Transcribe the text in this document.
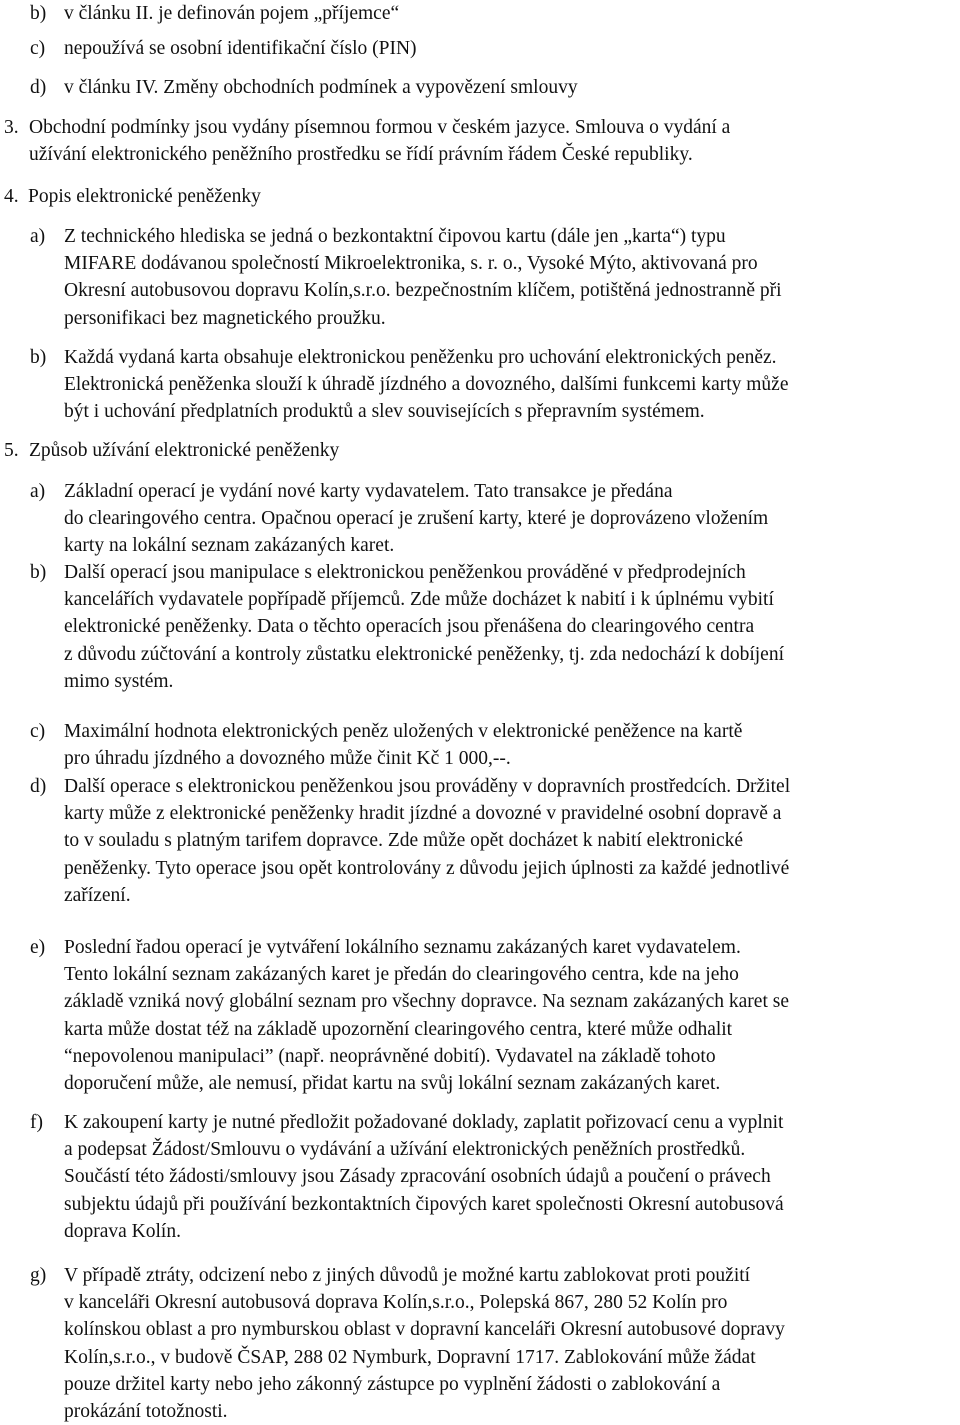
b) v článku II. je definován pojem „příjemce“
c) nepoužívá se osobní identifikační číslo (PIN)
d) v článku IV. Změny obchodních podmínek a vypovězení smlouvy
3. Obchodní podmínky jsou vydány písemnou formou v českém jazyce. Smlouva o vydání a
užívání elektronického peněžního prostředku se řídí právním řádem České republiky.
4. Popis elektronické peněženky
a) Z technického hlediska se jedná o bezkontaktní čipovou kartu (dále jen „karta“) typu
MIFARE dodávanou společností Mikroelektronika, s. r. o., Vysoké Mýto, aktivovaná pro
Okresní autobusovou dopravu Kolín,s.r.o. bezpečnostním klíčem, potištěná jednostranně při
personifikaci bez magnetického proužku.
b) Každá vydaná karta obsahuje elektronickou peněženku pro uchování elektronických peněz.
Elektronická peněženka slouží k úhradě jízdného a dovozného, dalšími funkcemi karty může
být i uchování předplatních produktů a slev souvisejících s přepravním systémem.
5. Způsob užívání elektronické peněženky
a) Základní operací je vydání nové karty vydavatelem. Tato transakce je předána
do clearingového centra. Opačnou operací je zrušení karty, které je doprovázeno vložením
karty na lokální seznam zakázaných karet.
b) Další operací jsou manipulace s elektronickou peněženkou prováděné v předprodejních
kancelářích vydavatele popřípadě příjemců. Zde může docházet k nabití i k úplnému vybití
elektronické peněženky. Data o těchto operacích jsou přenášena do clearingového centra
z důvodu zúčtování a kontroly zůstatku elektronické peněženky, tj. zda nedochází k dobíjení
mimo systém.
c) Maximální hodnota elektronických peněz uložených v elektronické peněžence na kartě
pro úhradu jízdného a dovozného může činit Kč 1 000,--.
d) Další operace s elektronickou peněženkou jsou prováděny v dopravních prostředcích. Držitel
karty může z elektronické peněženky hradit jízdné a dovozné v pravidelné osobní dopravě a
to v souladu s platným tarifem dopravce. Zde může opět docházet k nabití elektronické
peněženky. Tyto operace jsou opět kontrolovány z důvodu jejich úplnosti za každé jednotlivé
zařízení.
e) Poslední řadou operací je vytváření lokálního seznamu zakázaných karet vydavatelem.
Tento lokální seznam zakázaných karet je předán do clearingového centra, kde na jeho
základě vzniká nový globální seznam pro všechny dopravce. Na seznam zakázaných karet se
karta může dostat též na základě upozornění clearingového centra, které může odhalit
“nepovolenou manipulaci” (např. neoprávněné dobití). Vydavatel na základě tohoto
doporučení může, ale nemusí, přidat kartu na svůj lokální seznam zakázaných karet.
f) K zakoupení karty je nutné předložit požadované doklady, zaplatit pořizovací cenu a vyplnit
a podepsat Žádost/Smlouvu o vydávání a užívání elektronických peněžních prostředků.
Součástí této žádosti/smlouvy jsou Zásady zpracování osobních údajů a poučení o právech
subjektu údajů při používání bezkontaktních čipových karet společnosti Okresní autobusová
doprava Kolín.
g) V případě ztráty, odcizení nebo z jiných důvodů je možné kartu zablokovat proti použití
v kanceláři Okresní autobusová doprava Kolín,s.r.o., Polepská 867, 280 52 Kolín pro
kolínskou oblast a pro nymburskou oblast v dopravní kanceláři Okresní autobusové dopravy
Kolín,s.r.o., v budově ČSAP, 288 02 Nymburk, Dopravní 1717. Zablokování může žádat
pouze držitel karty nebo jeho zákonný zástupce po vyplnění žádosti o zablokování a
prokázání totožnosti.
